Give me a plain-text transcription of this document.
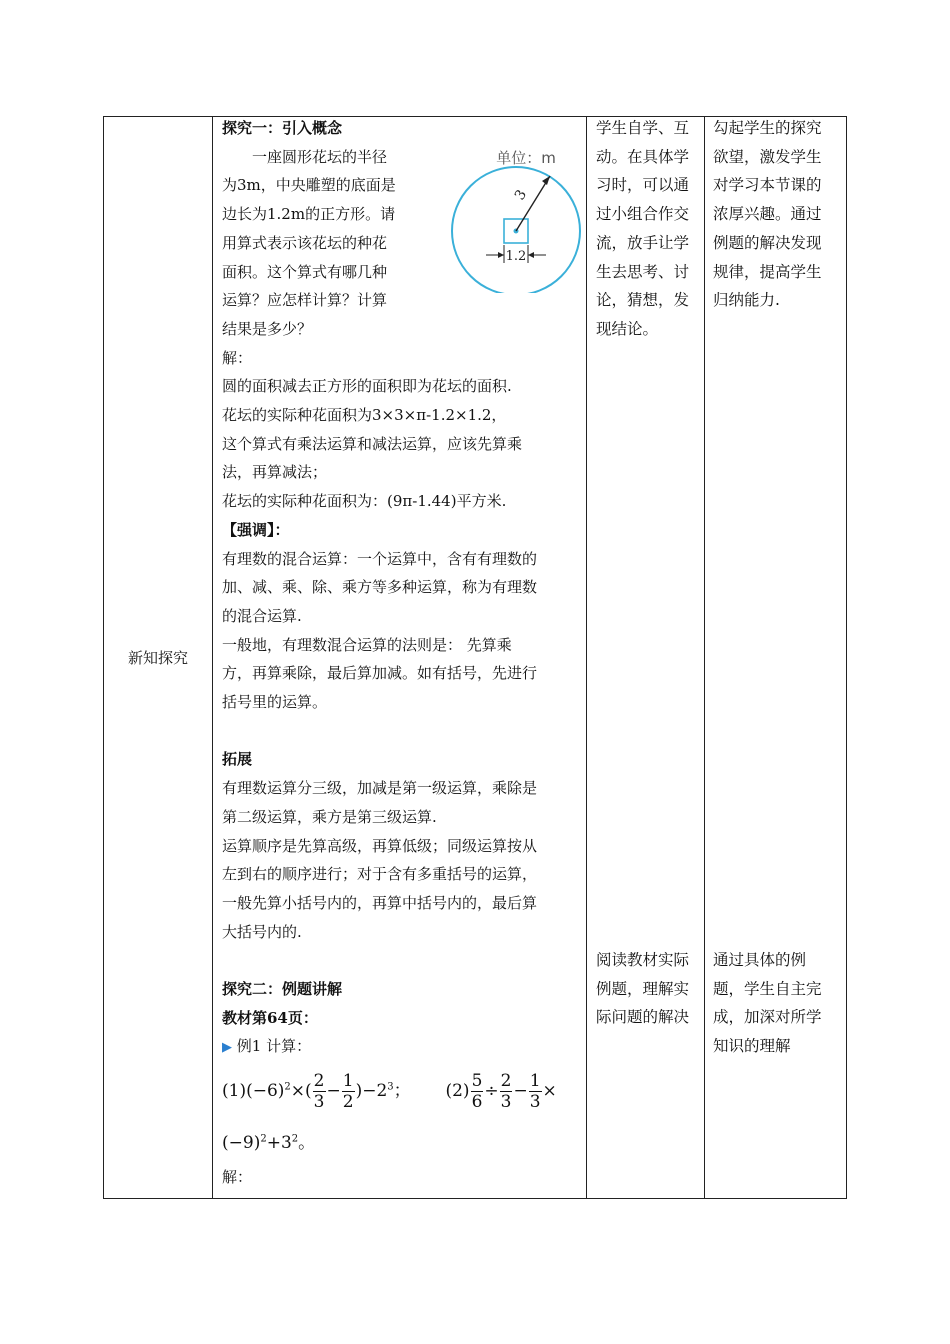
新知探究

探究一：引入概念

一座圆形花坛的半径

为3m，中央雕塑的底面是

边长为1.2m的正方形。请

用算式表示该花坛的种花

面积。这个算式有哪几种

运算？应怎样计算？计算

结果是多少？

单位：m
3
1.2

解：

圆的面积减去正方形的面积即为花坛的面积.

花坛的实际种花面积为3×3×π-1.2×1.2，

这个算式有乘法运算和减法运算，应该先算乘

法，再算减法；

花坛的实际种花面积为：(9π-1.44)平方米.

【强调】：

有理数的混合运算：一个运算中，含有有理数的

加、减、乘、除、乘方等多种运算，称为有理数

的混合运算.

一般地，有理数混合运算的法则是： 先算乘

方，再算乘除，最后算加减。如有括号，先进行

括号里的运算。

拓展

有理数运算分三级，加减是第一级运算，乘除是

第二级运算，乘方是第三级运算.

运算顺序是先算高级，再算低级；同级运算按从

左到右的顺序进行；对于含有多重括号的运算，

一般先算小括号内的，再算中括号内的，最后算

大括号内的.

探究二：例题讲解

教材第64页：

▶ 例1 计算：

$(1)(-6)^2\times( \frac{2}{3} - \frac{1}{2} )-2^3$； $(2) \frac{5}{6} \div \frac{2}{3} - \frac{1}{3}$ ×
$(-9)^2+3^2$。

解：

学生自学、互

动。在具体学

习时，可以通

过小组合作交

流，放手让学

生去思考、讨

论，猜想，发

现结论。

阅读教材实际

例题，理解实

际问题的解决

勾起学生的探究

欲望，激发学生

对学习本节课的

浓厚兴趣。通过

例题的解决发现

规律，提高学生

归纳能力.

通过具体的例

题，学生自主完

成，加深对所学

知识的理解
